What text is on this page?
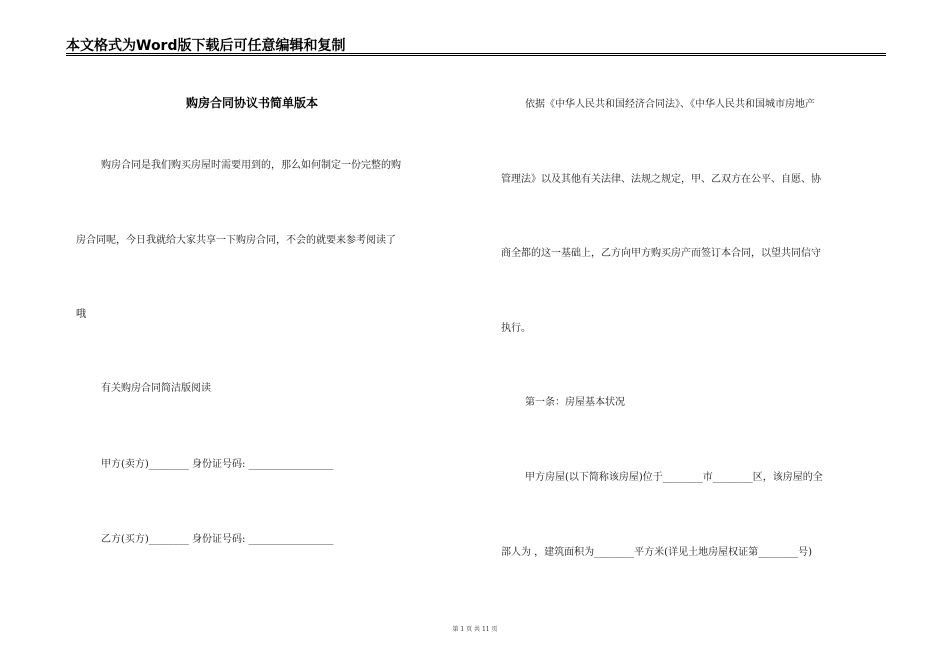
本文格式为Word版下载后可任意编辑和复制
购房合同协议书简单版本
购房合同是我们购买房屋时需要用到的，那么如何制定一份完整的购
房合同呢，今日我就给大家共享一下购房合同，不会的就要来参考阅读了
哦
有关购房合同简洁版阅读
甲方(卖方)________ 身份证号码: _________________
乙方(买方)________ 身份证号码: _________________
依据《中华人民共和国经济合同法》、《中华人民共和国城市房地产
管理法》以及其他有关法律、法规之规定，甲、乙双方在公平、自愿、协
商全都的这一基础上，乙方向甲方购买房产而签订本合同，以望共同信守
执行。
第一条：房屋基本状况
甲方房屋(以下简称该房屋)位于________市________区，该房屋的全
部人为 ，建筑面积为________平方米(详见土地房屋权证第________号)
第 1 页 共 11 页
